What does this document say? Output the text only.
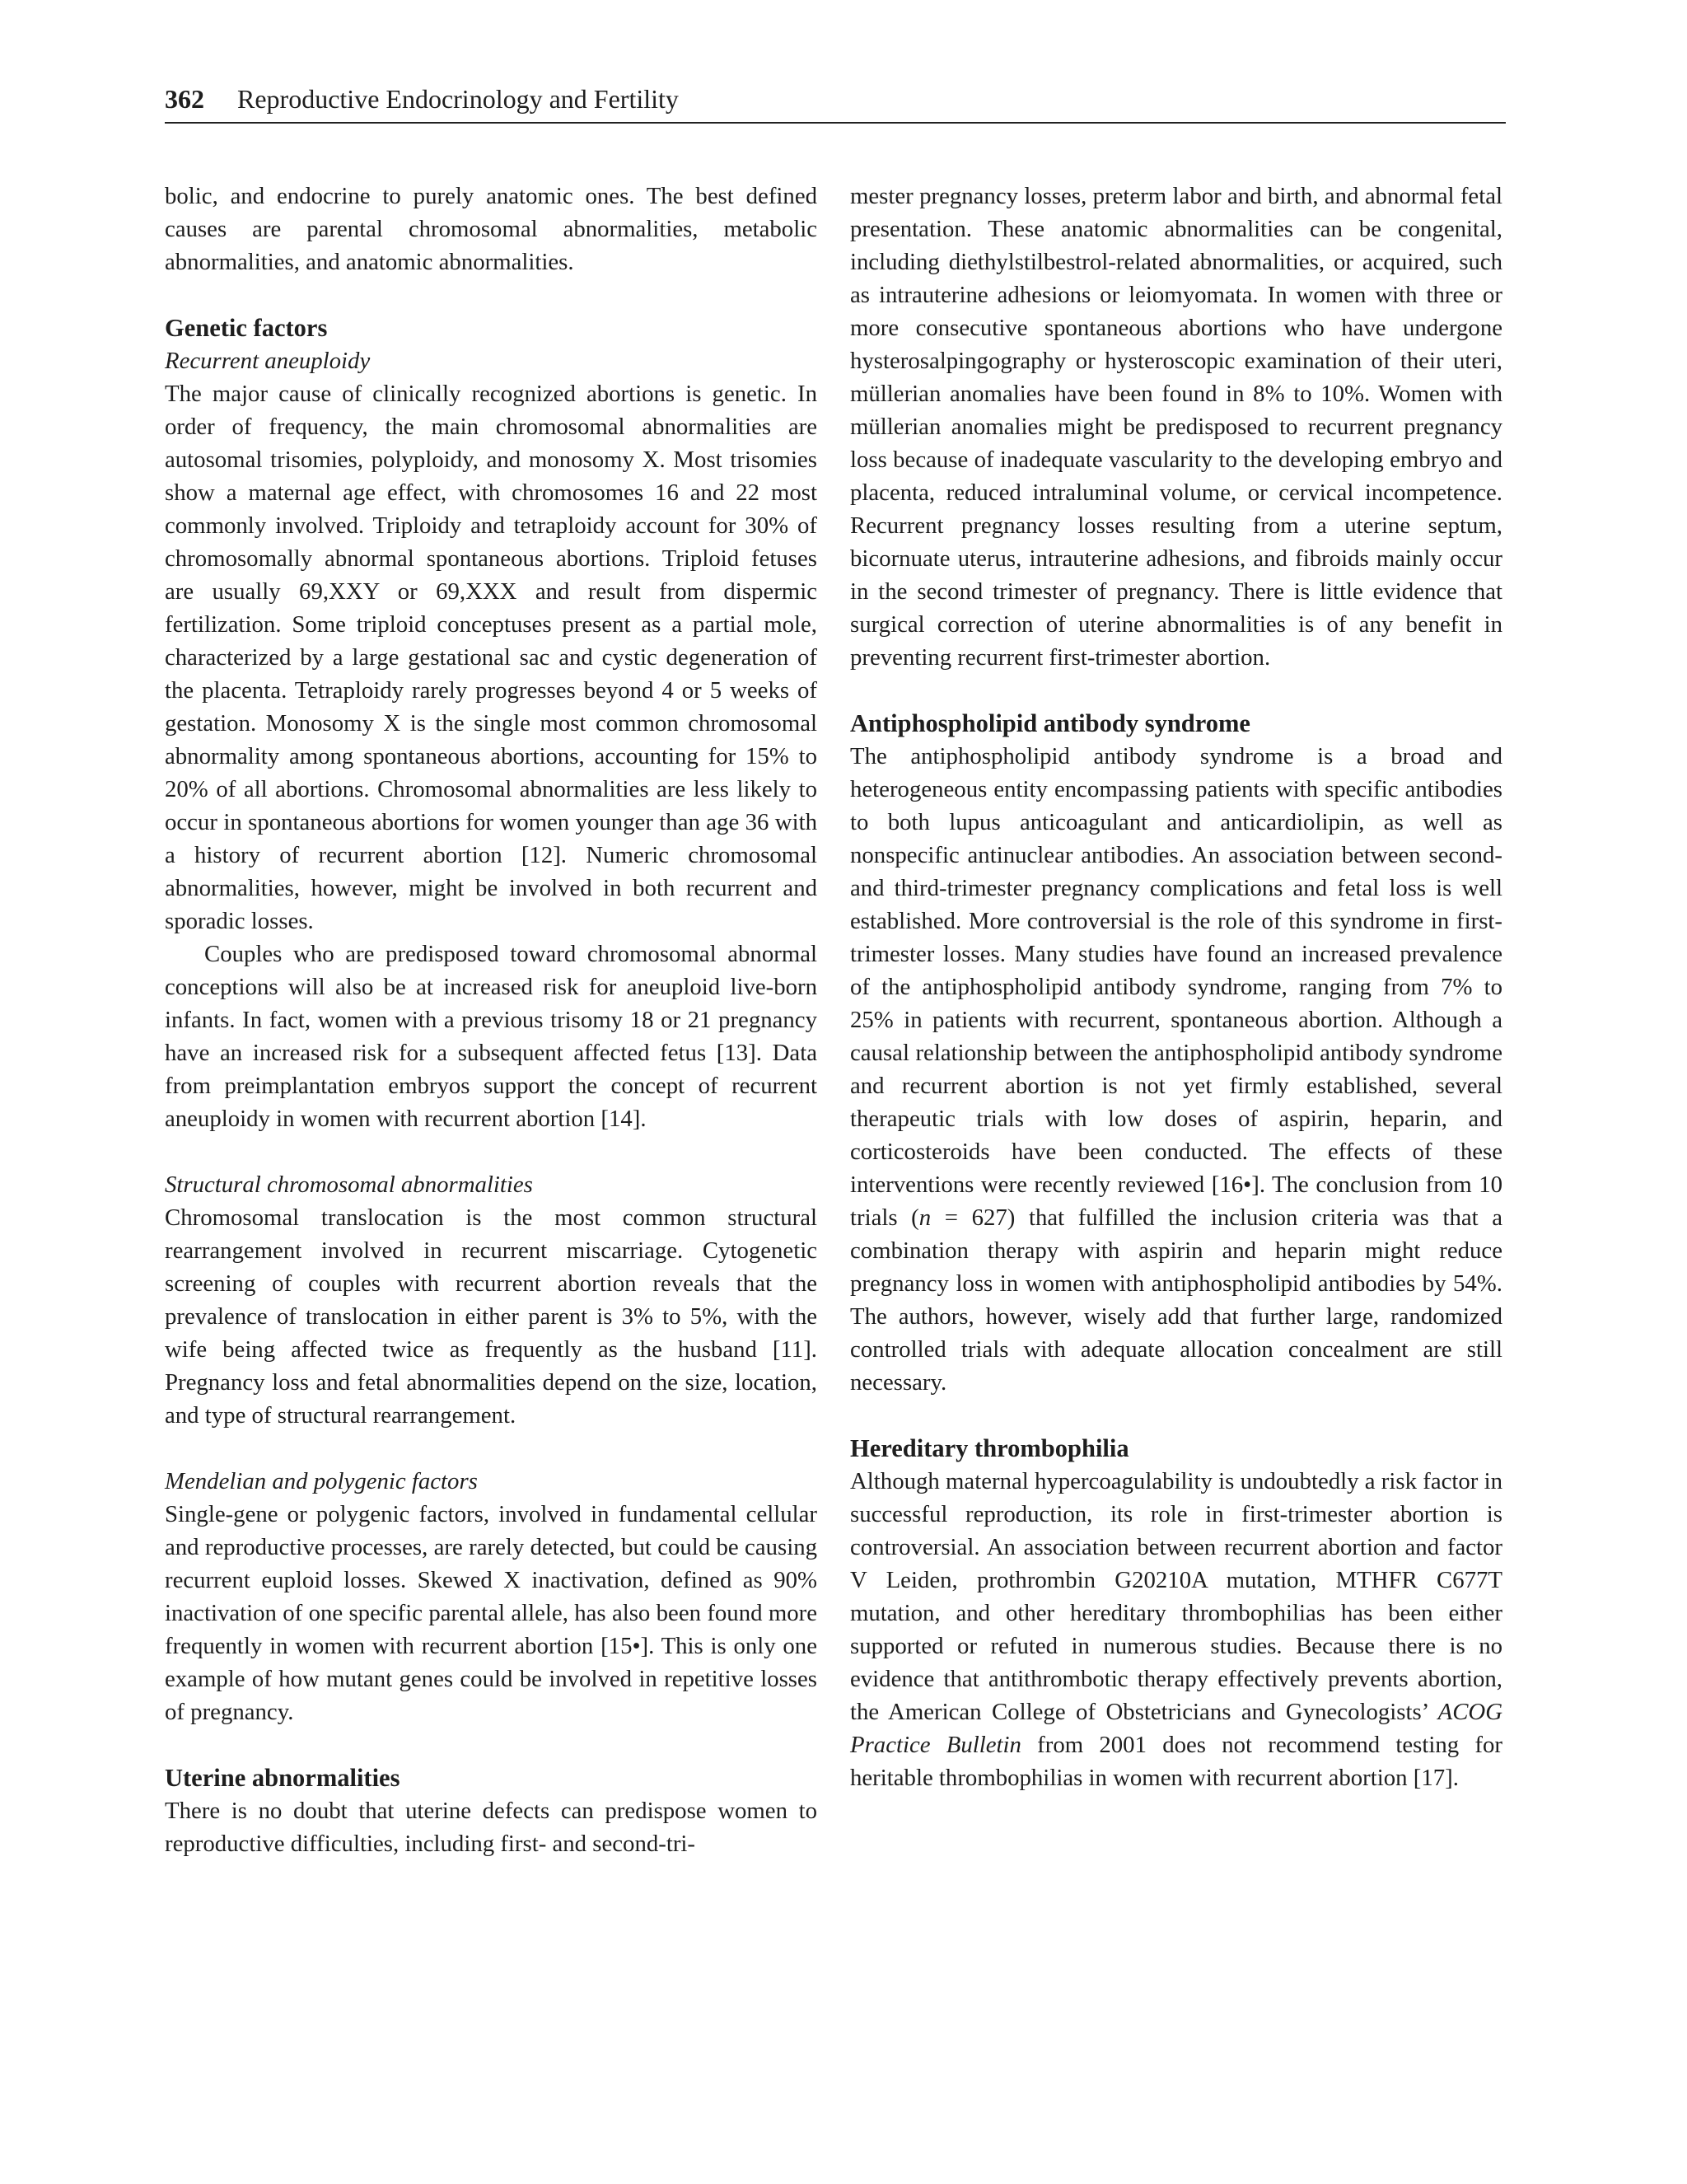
362 Reproductive Endocrinology and Fertility

bolic, and endocrine to purely anatomic ones. The best defined causes are parental chromosomal abnormalities, metabolic abnormalities, and anatomic abnormalities.

Genetic factors
Recurrent aneuploidy

The major cause of clinically recognized abortions is genetic. In order of frequency, the main chromosomal abnormalities are autosomal trisomies, polyploidy, and monosomy X. Most trisomies show a maternal age effect, with chromosomes 16 and 22 most commonly involved. Triploidy and tetraploidy account for 30% of chromosomally abnormal spontaneous abortions. Triploid fetuses are usually 69,XXY or 69,XXX and result from dispermic fertilization. Some triploid conceptuses present as a partial mole, characterized by a large gestational sac and cystic degeneration of the placenta. Tetraploidy rarely progresses beyond 4 or 5 weeks of gestation. Monosomy X is the single most common chromosomal abnormality among spontaneous abortions, accounting for 15% to 20% of all abortions. Chromosomal abnormalities are less likely to occur in spontaneous abortions for women younger than age 36 with a history of recurrent abortion [12]. Numeric chromosomal abnormalities, however, might be involved in both recurrent and sporadic losses.

Couples who are predisposed toward chromosomal abnormal conceptions will also be at increased risk for aneuploid live-born infants. In fact, women with a previous trisomy 18 or 21 pregnancy have an increased risk for a subsequent affected fetus [13]. Data from preimplantation embryos support the concept of recurrent aneuploidy in women with recurrent abortion [14].

Structural chromosomal abnormalities

Chromosomal translocation is the most common structural rearrangement involved in recurrent miscarriage. Cytogenetic screening of couples with recurrent abortion reveals that the prevalence of translocation in either parent is 3% to 5%, with the wife being affected twice as frequently as the husband [11]. Pregnancy loss and fetal abnormalities depend on the size, location, and type of structural rearrangement.

Mendelian and polygenic factors

Single-gene or polygenic factors, involved in fundamental cellular and reproductive processes, are rarely detected, but could be causing recurrent euploid losses. Skewed X inactivation, defined as 90% inactivation of one specific parental allele, has also been found more frequently in women with recurrent abortion [15•]. This is only one example of how mutant genes could be involved in repetitive losses of pregnancy.

Uterine abnormalities

There is no doubt that uterine defects can predispose women to reproductive difficulties, including first- and second-tri-

mester pregnancy losses, preterm labor and birth, and abnormal fetal presentation. These anatomic abnormalities can be congenital, including diethylstilbestrol-related abnormalities, or acquired, such as intrauterine adhesions or leiomyomata. In women with three or more consecutive spontaneous abortions who have undergone hysterosalpingography or hysteroscopic examination of their uteri, müllerian anomalies have been found in 8% to 10%. Women with müllerian anomalies might be predisposed to recurrent pregnancy loss because of inadequate vascularity to the developing embryo and placenta, reduced intraluminal volume, or cervical incompetence. Recurrent pregnancy losses resulting from a uterine septum, bicornuate uterus, intrauterine adhesions, and fibroids mainly occur in the second trimester of pregnancy. There is little evidence that surgical correction of uterine abnormalities is of any benefit in preventing recurrent first-trimester abortion.

Antiphospholipid antibody syndrome

The antiphospholipid antibody syndrome is a broad and heterogeneous entity encompassing patients with specific antibodies to both lupus anticoagulant and anticardiolipin, as well as nonspecific antinuclear antibodies. An association between second- and third-trimester pregnancy complications and fetal loss is well established. More controversial is the role of this syndrome in first-trimester losses. Many studies have found an increased prevalence of the antiphospholipid antibody syndrome, ranging from 7% to 25% in patients with recurrent, spontaneous abortion. Although a causal relationship between the antiphospholipid antibody syndrome and recurrent abortion is not yet firmly established, several therapeutic trials with low doses of aspirin, heparin, and corticosteroids have been conducted. The effects of these interventions were recently reviewed [16•]. The conclusion from 10 trials (n = 627) that fulfilled the inclusion criteria was that a combination therapy with aspirin and heparin might reduce pregnancy loss in women with antiphospholipid antibodies by 54%. The authors, however, wisely add that further large, randomized controlled trials with adequate allocation concealment are still necessary.

Hereditary thrombophilia

Although maternal hypercoagulability is undoubtedly a risk factor in successful reproduction, its role in first-trimester abortion is controversial. An association between recurrent abortion and factor V Leiden, prothrombin G20210A mutation, MTHFR C677T mutation, and other hereditary thrombophilias has been either supported or refuted in numerous studies. Because there is no evidence that antithrombotic therapy effectively prevents abortion, the American College of Obstetricians and Gynecologists’ ACOG Practice Bulletin from 2001 does not recommend testing for heritable thrombophilias in women with recurrent abortion [17].
